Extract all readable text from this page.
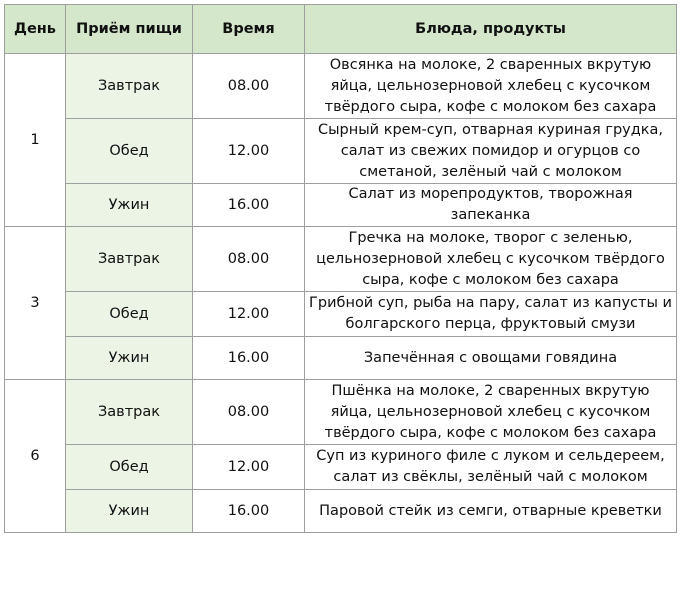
День	Приём пищи	Время	Блюда, продукты
1	Завтрак	08.00	Овсянка на молоке, 2 сваренных вкрутую яйца, цельнозерновой хлебец с кусочком твёрдого сыра, кофе с молоком без сахара
	Обед	12.00	Сырный крем-суп, отварная куриная грудка, салат из свежих помидор и огурцов со сметаной, зелёный чай с молоком
	Ужин	16.00	Салат из морепродуктов, творожная запеканка
3	Завтрак	08.00	Гречка на молоке, творог с зеленью, цельнозерновой хлебец с кусочком твёрдого сыра, кофе с молоком без сахара
	Обед	12.00	Грибной суп, рыба на пару, салат из капусты и болгарского перца, фруктовый смузи
	Ужин	16.00	Запечённая с овощами говядина
6	Завтрак	08.00	Пшёнка на молоке, 2 сваренных вкрутую яйца, цельнозерновой хлебец с кусочком твёрдого сыра, кофе с молоком без сахара
	Обед	12.00	Суп из куриного филе с луком и сельдереем, салат из свёклы, зелёный чай с молоком
	Ужин	16.00	Паровой стейк из семги, отварные креветки
